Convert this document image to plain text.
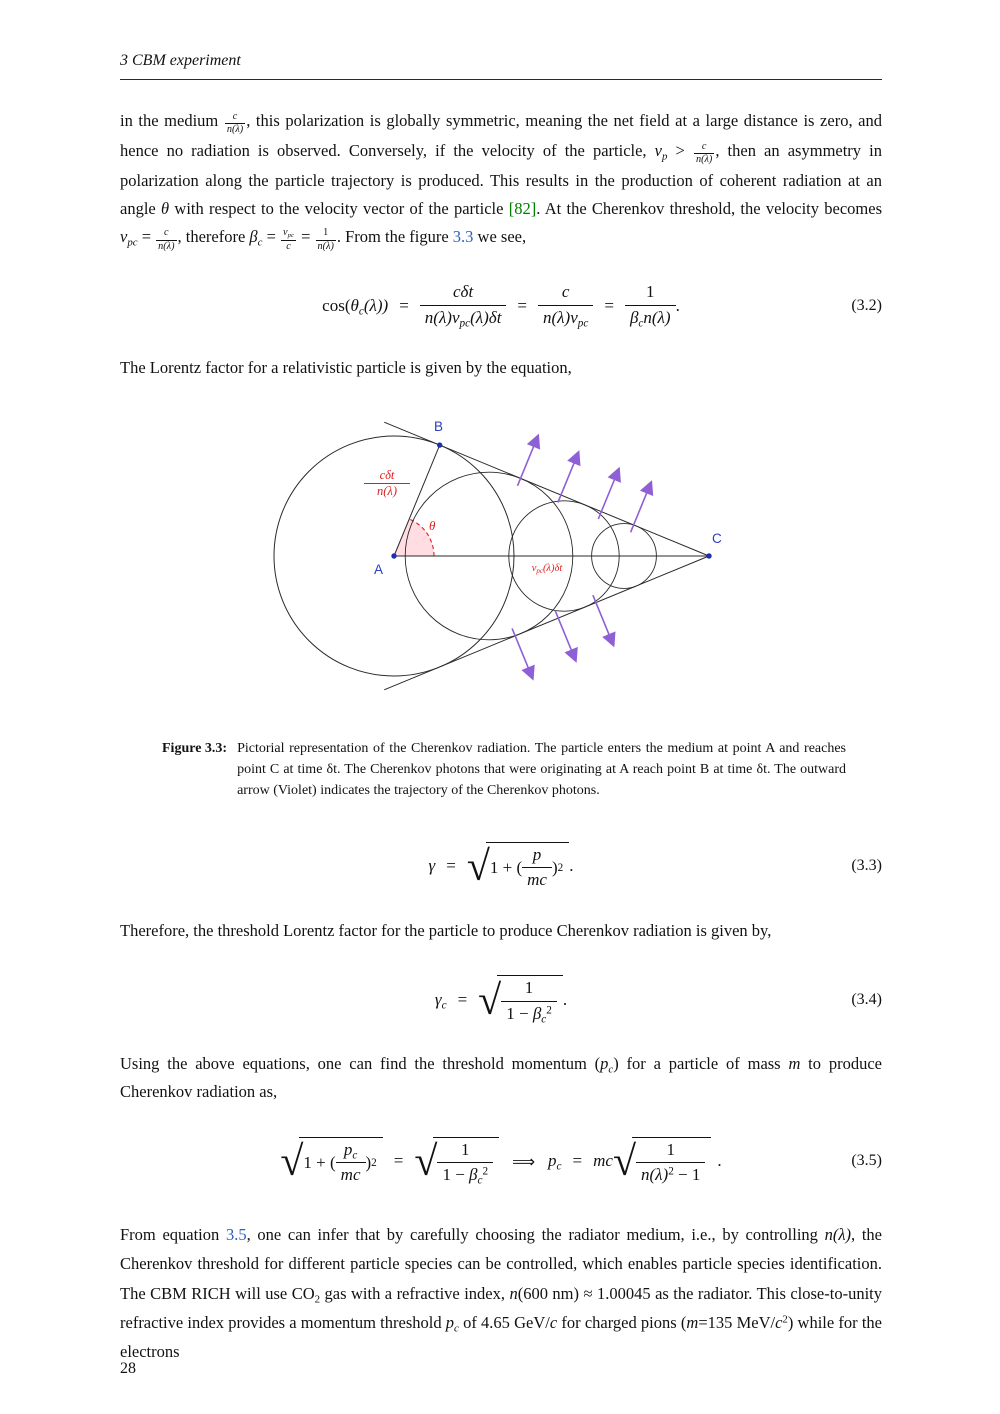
3 CBM experiment

in the medium $\frac{c}{n(\lambda)}$ , this polarization is globally symmetric, meaning the net field at a large distance is zero, and hence no radiation is observed. Conversely, if the velocity of the particle, $v_p > \frac{c}{n(\lambda)}$ , then an asymmetry in polarization along the particle trajectory is produced. This results in the production of coherent radiation at an angle θ with respect to the velocity vector of the particle [82]. At the Cherenkov threshold, the velocity becomes $v_{pc} = \frac{c}{n(\lambda)}$ , therefore $\beta_c = v_{pc}$
$c = \frac{1}{n(\lambda)}$ . From the figure 3.3 we see,

$\cos(\theta_c(\lambda))$ =
cδt
$n(\lambda)v_{pc}(\lambda)\delta t$
=
c
$n(\lambda)v_{pc}$
=
1
$\beta_cn(\lambda)$
.	(3.2)

The Lorentz factor for a relativistic particle is given by the equation,

A
B
C
θ
cδt
n(λ)
$v_{pc}(\lambda)\delta t$
Figure 3.3: Pictorial representation of the Cherenkov radiation. The particle enters the medium at point A and reaches point C at time δt. The Cherenkov photons that were originating at A reach point B at time δt. The outward arrow (Violet) indicates the trajectory of the Cherenkov photons.
γ = √ 1 + ( $\frac{p}{mc}$ ) 2 .	(3.3)

Therefore, the threshold Lorentz factor for the particle to produce Cherenkov radiation is given by,

$\gamma_c$ = √ $\frac{1}{1 - \beta_c^2}$ .	(3.4)

Using the above equations, one can find the threshold momentum $(p_c)$ for a particle of mass m to produce Cherenkov radiation as,

√ 1 + ( $\frac{p_c}{mc}$ ) 2 = √ $\frac{1}{1 - \beta_c^2}$ ⟹ $p_c$ = mc √ $\frac{1}{n(\lambda)^2 - 1}$ .	(3.5)

From equation 3.5, one can infer that by carefully choosing the radiator medium, i.e., by controlling n(λ), the Cherenkov threshold for different particle species can be controlled, which enables particle species identification. The CBM RICH will use $CO_2$ gas with a refractive index, n(600 nm) ≈ 1.00045 as the radiator. This close-to-unity refractive index provides a momentum threshold $p_c$ of 4.65 GeV/c for charged pions (m=135 MeV/$c^2$) while for the electrons

28
